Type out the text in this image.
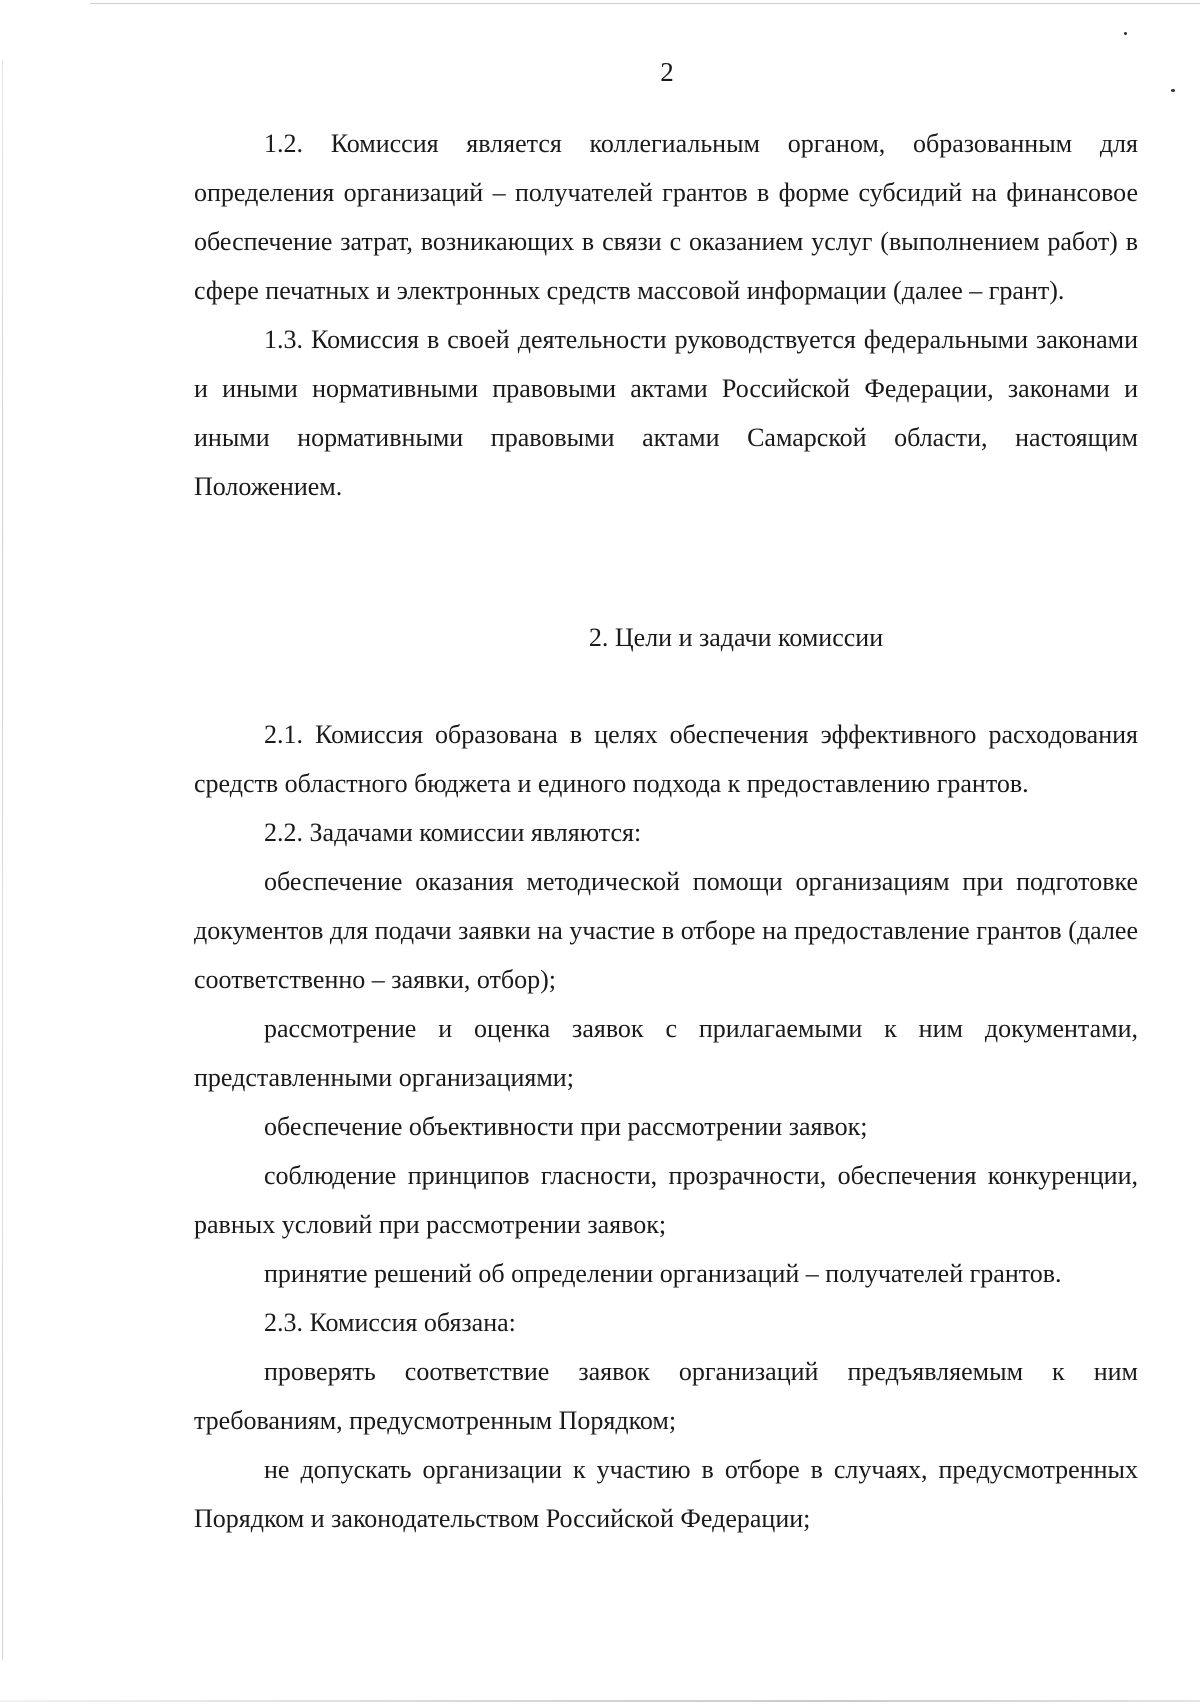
2

1.2. Комиссия является коллегиальным органом, образованным для определения организаций – получателей грантов в форме субсидий на финансовое обеспечение затрат, возникающих в связи с оказанием услуг (выполнением работ) в сфере печатных и электронных средств массовой информации (далее – грант).

1.3. Комиссия в своей деятельности руководствуется федеральными законами и иными нормативными правовыми актами Российской Федерации, законами и иными нормативными правовыми актами Самарской области, настоящим Положением.

2. Цели и задачи комиссии

2.1. Комиссия образована в целях обеспечения эффективного расходования средств областного бюджета и единого подхода к предоставлению грантов.

2.2. Задачами комиссии являются:

обеспечение оказания методической помощи организациям при подготовке документов для подачи заявки на участие в отборе на предоставление грантов (далее соответственно – заявки, отбор);

рассмотрение и оценка заявок с прилагаемыми к ним документами, представленными организациями;

обеспечение объективности при рассмотрении заявок;

соблюдение принципов гласности, прозрачности, обеспечения конкуренции, равных условий при рассмотрении заявок;

принятие решений об определении организаций – получателей грантов.

2.3. Комиссия обязана:

проверять соответствие заявок организаций предъявляемым к ним требованиям, предусмотренным Порядком;

не допускать организации к участию в отборе в случаях, предусмотренных Порядком и законодательством Российской Федерации;
